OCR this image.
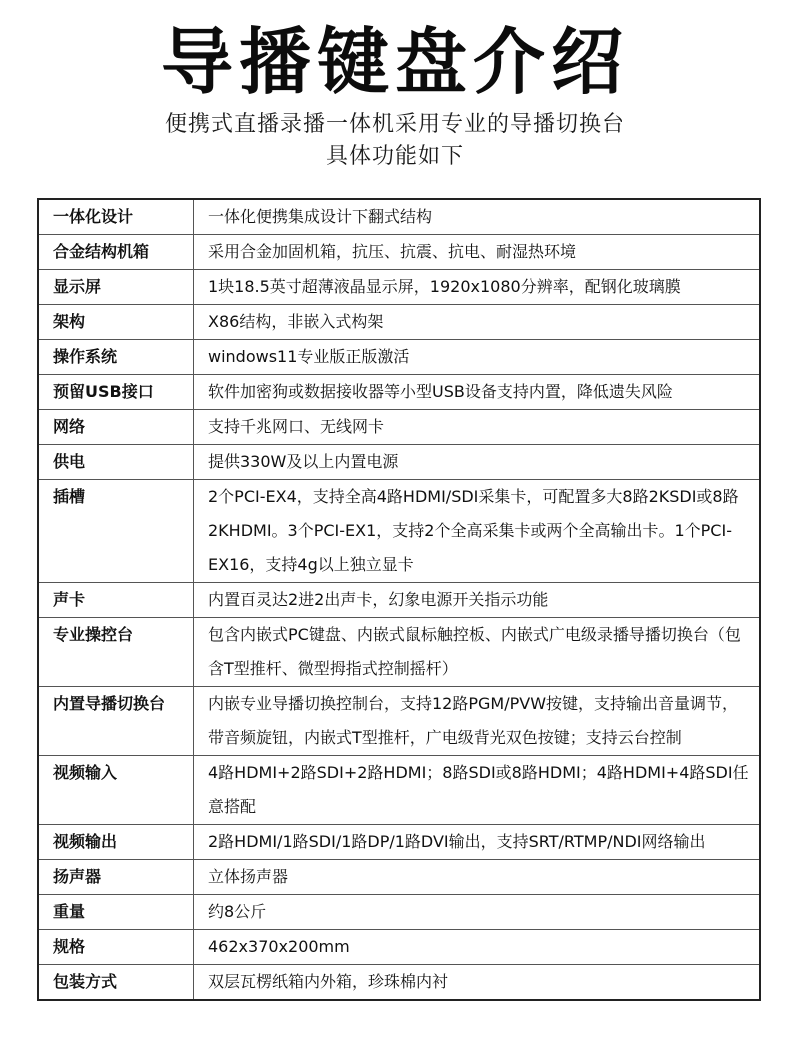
导播键盘介绍
便携式直播录播一体机采用专业的导播切换台
具体功能如下
一体化设计	一体化便携集成设计下翻式结构
合金结构机箱	采用合金加固机箱，抗压、抗震、抗电、耐湿热环境
显示屏	1块18.5英寸超薄液晶显示屏，1920x1080分辨率，配钢化玻璃膜
架构	X86结构，非嵌入式构架
操作系统	windows11专业版正版激活
预留USB接口	软件加密狗或数据接收器等小型USB设备支持内置，降低遗失风险
网络	支持千兆网口、无线网卡
供电	提供330W及以上内置电源
插槽	2个PCI-EX4，支持全高4路HDMI/SDI采集卡，可配置多大8路2KSDI或8路2KHDMI。3个PCI-EX1，支持2个全高采集卡或两个全高输出卡。1个PCI-EX16，支持4g以上独立显卡
声卡	内置百灵达2进2出声卡，幻象电源开关指示功能
专业操控台	包含内嵌式PC键盘、内嵌式鼠标触控板、内嵌式广电级录播导播切换台（包含T型推杆、微型拇指式控制摇杆）
内置导播切换台	内嵌专业导播切换控制台，支持12路PGM/PVW按键，支持输出音量调节，带音频旋钮，内嵌式T型推杆，广电级背光双色按键；支持云台控制
视频输入	4路HDMI+2路SDI+2路HDMI；8路SDI或8路HDMI；4路HDMI+4路SDI任意搭配
视频输出	2路HDMI/1路SDI/1路DP/1路DVI输出，支持SRT/RTMP/NDI网络输出
扬声器	立体扬声器
重量	约8公斤
规格	462x370x200mm
包装方式	双层瓦楞纸箱内外箱，珍珠棉内衬
